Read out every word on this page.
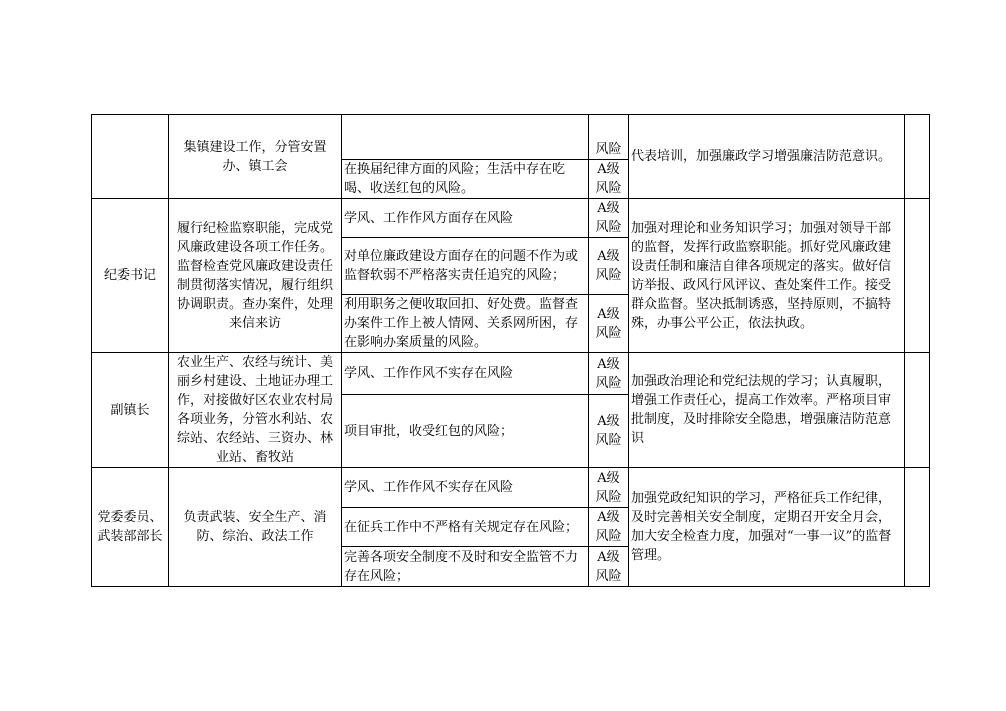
	集镇建设工作，分管安置办、镇工会		风险	代表培训，加强廉政学习增强廉洁防范意识。	
		在换届纪律方面的风险；生活中存在吃喝、收送红包的风险。	A级风险		
纪委书记	履行纪检监察职能，完成党风廉政建设各项工作任务。监督检查党风廉政建设责任制贯彻落实情况，履行组织协调职责。查办案件，处理来信来访	学风、工作作风方面存在风险	A级风险	加强对理论和业务知识学习；加强对领导干部的监督，发挥行政监察职能。抓好党风廉政建设责任制和廉洁自律各项规定的落实。做好信访举报、政风行风评议、查处案件工作。接受群众监督。坚决抵制诱惑，坚持原则，不搞特殊，办事公平公正，依法执政。	
		对单位廉政建设方面存在的问题不作为或监督软弱不严格落实责任追究的风险；	A级风险		
		利用职务之便收取回扣、好处费。监督查办案件工作上被人情网、关系网所困，存在影响办案质量的风险。	A级风险		
副镇长	农业生产、农经与统计、美丽乡村建设、土地证办理工作，对接做好区农业农村局各项业务，分管水利站、农综站、农经站、三资办、林业站、畜牧站	学风、工作作风不实存在风险	A级风险	加强政治理论和党纪法规的学习；认真履职，增强工作责任心，提高工作效率。严格项目审批制度，及时排除安全隐患，增强廉洁防范意识	
		项目审批，收受红包的风险；	A级风险		
党委委员、武装部部长	负责武装、安全生产、消防、综治、政法工作	学风、工作作风不实存在风险	A级风险	加强党政纪知识的学习，严格征兵工作纪律，及时完善相关安全制度，定期召开安全月会，加大安全检查力度，加强对“一事一议”的监督管理。	
		在征兵工作中不严格有关规定存在风险；	A级风险		
		完善各项安全制度不及时和安全监管不力存在风险；	A级风险		
